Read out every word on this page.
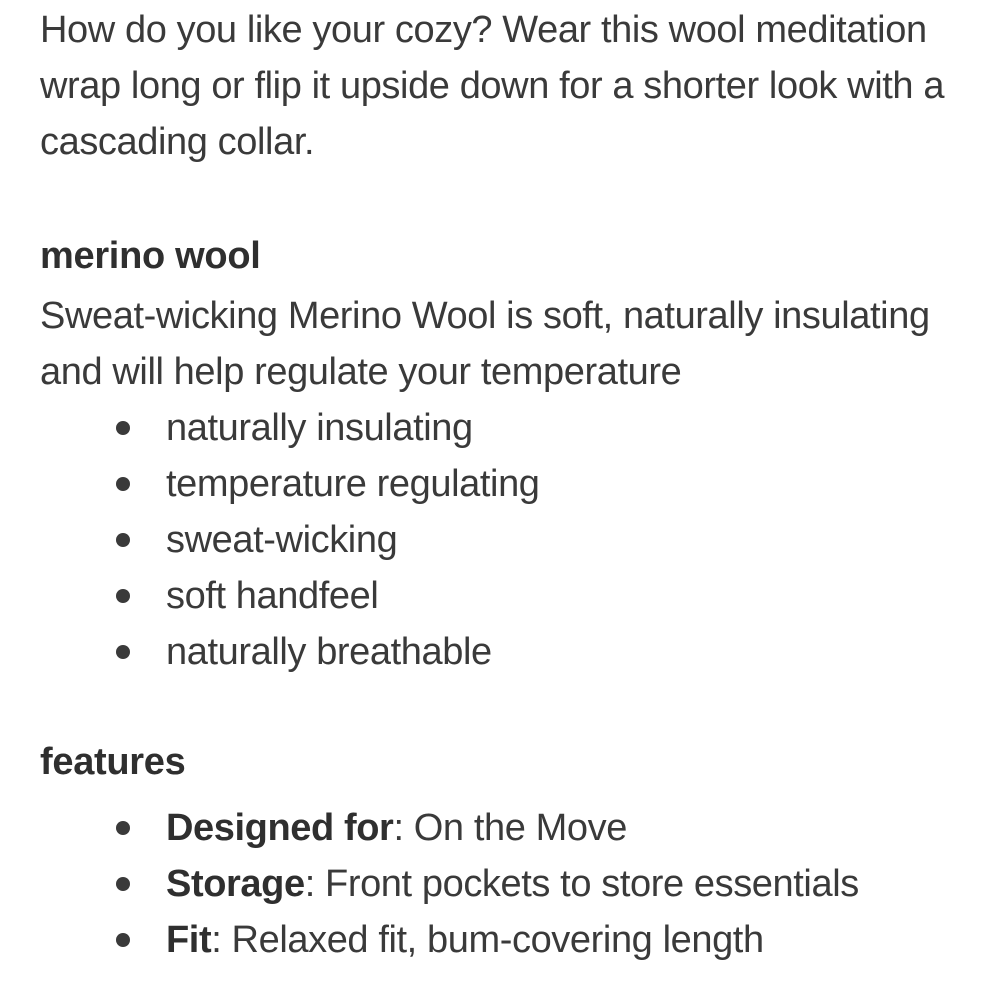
How do you like your cozy? Wear this wool meditation wrap long or flip it upside down for a shorter look with a cascading collar.

merino wool

Sweat-wicking Merino Wool is soft, naturally insulating and will help regulate your temperature

naturally insulating
temperature regulating
sweat-wicking
soft handfeel
naturally breathable
features
Designed for: On the Move
Storage: Front pockets to store essentials
Fit: Relaxed fit, bum-covering length
